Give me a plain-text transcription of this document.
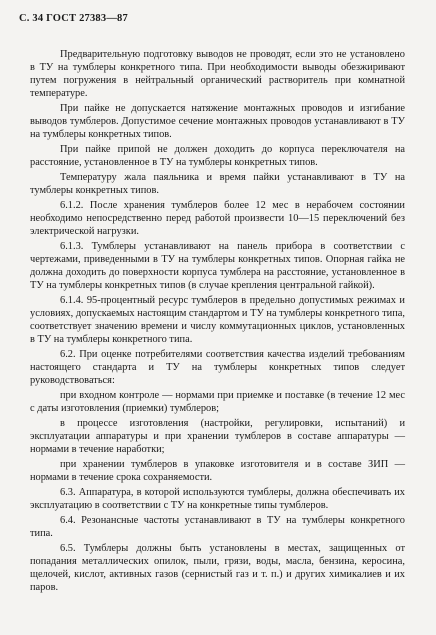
С. 34 ГОСТ 27383—87

Предварительную подготовку выводов не проводят, если это не установлено в ТУ на тумблеры конкретного типа. При необходимости выводы обезжиривают путем погружения в нейтральный органический растворитель при комнатной температуре.

При пайке не допускается натяжение монтажных проводов и изгибание выводов тумблеров. Допустимое сечение монтажных проводов устанавливают в ТУ на тумблеры конкретных типов.

При пайке припой не должен доходить до корпуса переключателя на расстояние, установленное в ТУ на тумблеры конкретных типов.

Температуру жала паяльника и время пайки устанавливают в ТУ на тумблеры конкретных типов.

6.1.2. После хранения тумблеров более 12 мес в нерабочем состоянии необходимо непосредственно перед работой произвести 10—15 переключений без электрической нагрузки.

6.1.3. Тумблеры устанавливают на панель прибора в соответствии с чертежами, приведенными в ТУ на тумблеры конкретных типов. Опорная гайка не должна доходить до поверхности корпуса тумблера на расстояние, установленное в ТУ на тумблеры конкретных типов (в случае крепления центральной гайкой).

6.1.4. 95-процентный ресурс тумблеров в предельно допустимых режимах и условиях, допускаемых настоящим стандартом и ТУ на тумблеры конкретного типа, соответствует значению времени и числу коммутационных циклов, установленных в ТУ на тумблеры конкретного типа.

6.2. При оценке потребителями соответствия качества изделий требованиям настоящего стандарта и ТУ на тумблеры конкретных типов следует руководствоваться:

при входном контроле — нормами при приемке и поставке (в течение 12 мес с даты изготовления (приемки) тумблеров;

в процессе изготовления (настройки, регулировки, испытаний) и эксплуатации аппаратуры и при хранении тумблеров в составе аппаратуры — нормами в течение наработки;

при хранении тумблеров в упаковке изготовителя и в составе ЗИП — нормами в течение срока сохраняемости.

6.3. Аппаратура, в которой используются тумблеры, должна обеспечивать их эксплуатацию в соответствии с ТУ на конкретные типы тумблеров.

6.4. Резонансные частоты устанавливают в ТУ на тумблеры конкретного типа.

6.5. Тумблеры должны быть установлены в местах, защищенных от попадания металлических опилок, пыли, грязи, воды, масла, бензина, керосина, щелочей, кислот, активных газов (сернистый газ и т. п.) и других химикалиев и их паров.
